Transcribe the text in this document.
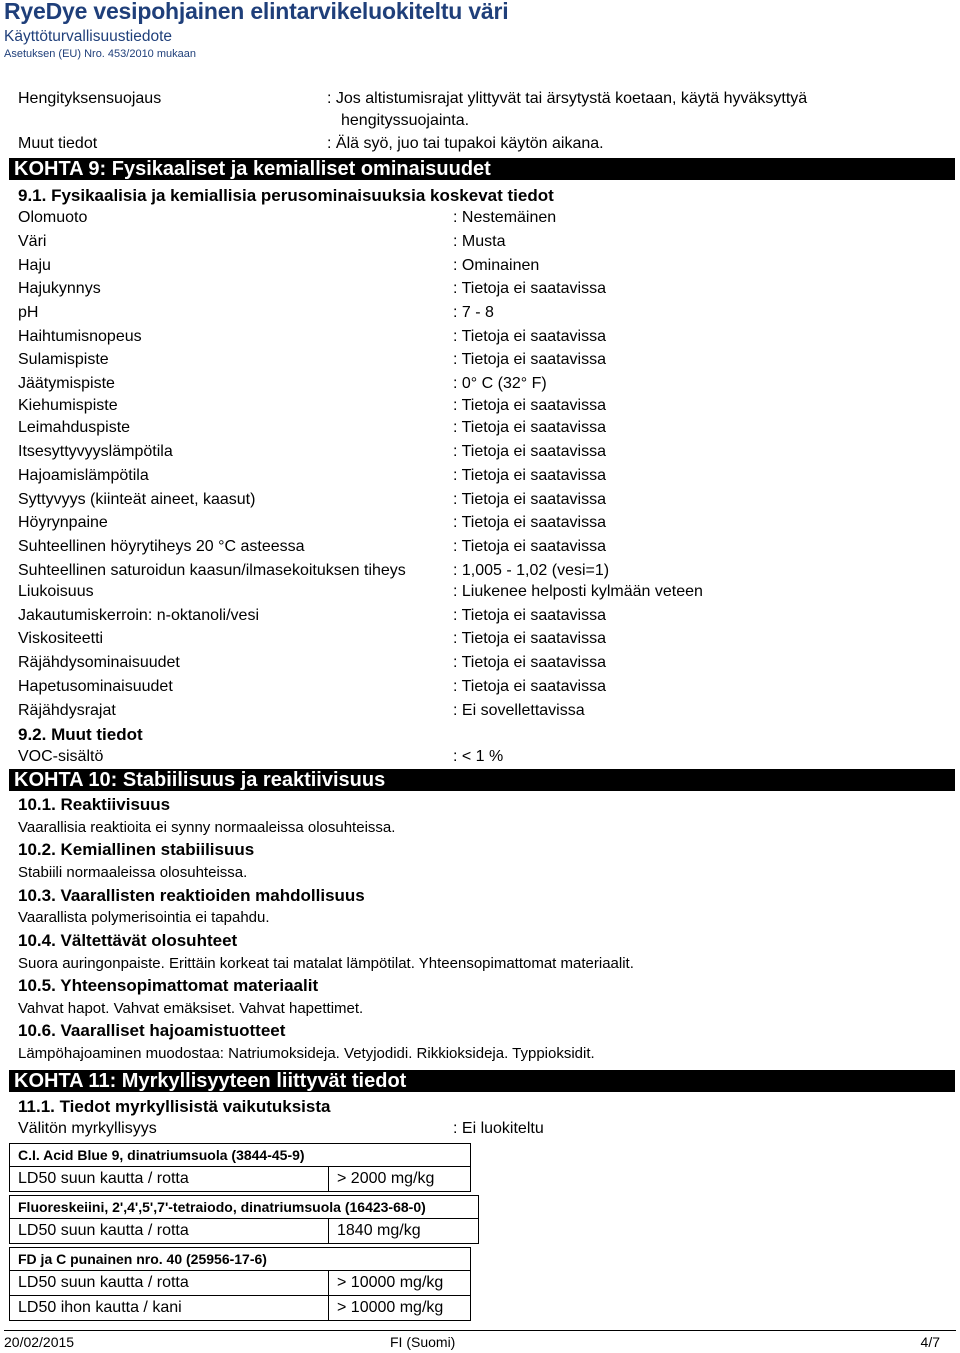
RyeDye vesipohjainen elintarvikeluokiteltu väri
Käyttöturvallisuustiedote
Asetuksen (EU) Nro. 453/2010 mukaan
Hengityksensuojaus	: Jos altistumisrajat ylittyvät tai ärsytystä koetaan, käytä hyväksyttyä
hengityssuojainta.
Muut tiedot	: Älä syö, juo tai tupakoi käytön aikana.
KOHTA 9: Fysikaaliset ja kemialliset ominaisuudet
9.1. Fysikaalisia ja kemiallisia perusominaisuuksia koskevat tiedot
Olomuoto	: Nestemäinen
Väri	: Musta
Haju	: Ominainen
Hajukynnys	: Tietoja ei saatavissa
pH	: 7 - 8
Haihtumisnopeus	: Tietoja ei saatavissa
Sulamispiste	: Tietoja ei saatavissa
Jäätymispiste	: 0° C (32° F)
Kiehumispiste	: Tietoja ei saatavissa
Leimahduspiste	: Tietoja ei saatavissa
Itsesyttyvyyslämpötila	: Tietoja ei saatavissa
Hajoamislämpötila	: Tietoja ei saatavissa
Syttyvyys (kiinteät aineet, kaasut)	: Tietoja ei saatavissa
Höyrynpaine	: Tietoja ei saatavissa
Suhteellinen höyrytiheys 20 °C asteessa	: Tietoja ei saatavissa
Suhteellinen saturoidun kaasun/ilmasekoituksen tiheys	: 1,005 - 1,02 (vesi=1)
Liukoisuus	: Liukenee helposti kylmään veteen
Jakautumiskerroin: n-oktanoli/vesi	: Tietoja ei saatavissa
Viskositeetti	: Tietoja ei saatavissa
Räjähdysominaisuudet	: Tietoja ei saatavissa
Hapetusominaisuudet	: Tietoja ei saatavissa
Räjähdysrajat	: Ei sovellettavissa
9.2. Muut tiedot
VOC-sisältö	: < 1 %
KOHTA 10: Stabiilisuus ja reaktiivisuus
10.1. Reaktiivisuus
Vaarallisia reaktioita ei synny normaaleissa olosuhteissa.
10.2. Kemiallinen stabiilisuus
Stabiili normaaleissa olosuhteissa.
10.3. Vaarallisten reaktioiden mahdollisuus
Vaarallista polymerisointia ei tapahdu.
10.4. Vältettävät olosuhteet
Suora auringonpaiste. Erittäin korkeat tai matalat lämpötilat. Yhteensopimattomat materiaalit.
10.5. Yhteensopimattomat materiaalit
Vahvat hapot. Vahvat emäksiset. Vahvat hapettimet.
10.6. Vaaralliset hajoamistuotteet
Lämpöhajoaminen muodostaa: Natriumoksideja. Vetyjodidi. Rikkioksideja. Typpioksidit.
KOHTA 11: Myrkyllisyyteen liittyvät tiedot
11.1. Tiedot myrkyllisistä vaikutuksista
Välitön myrkyllisyys	: Ei luokiteltu
C.I. Acid Blue 9, dinatriumsuola (3844-45-9)
LD50 suun kautta / rotta	> 2000 mg/kg
Fluoreskeiini, 2',4',5',7'-tetraiodo, dinatriumsuola (16423-68-0)
LD50 suun kautta / rotta	1840 mg/kg
FD ja C punainen nro. 40 (25956-17-6)	
LD50 suun kautta / rotta	> 10000 mg/kg
LD50 ihon kautta / kani	> 10000 mg/kg
20/02/2015	FI (Suomi)	4/7
